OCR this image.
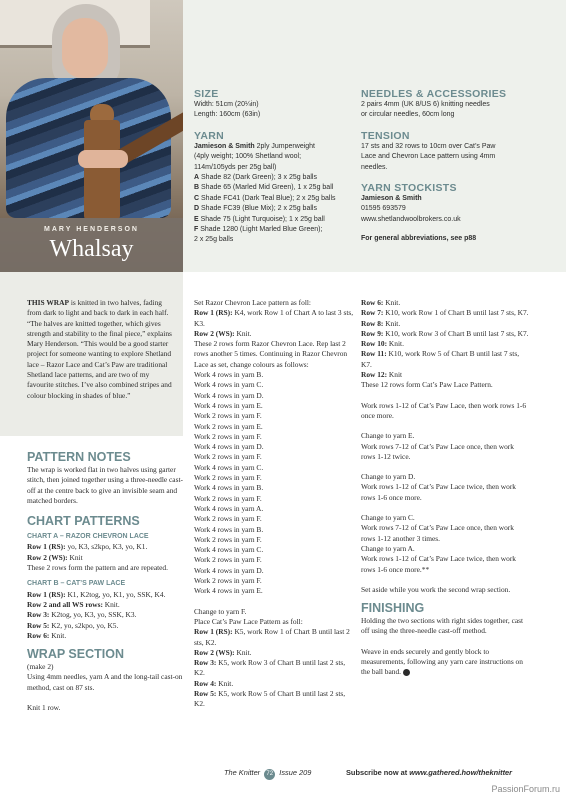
MARY HENDERSON
Whalsay
SIZE
Width: 51cm (20¼in)
Length: 160cm (63in)
YARN
Jamieson & Smith 2ply Jumperweight
(4ply weight; 100% Shetland wool;
114m/105yds per 25g ball)
A Shade 82 (Dark Green); 3 x 25g balls
B Shade 65 (Marled Mid Green), 1 x 25g ball
C Shade FC41 (Dark Teal Blue); 2 x 25g balls
D Shade FC39 (Blue Mix); 2 x 25g balls
E Shade 75 (Light Turquoise); 1 x 25g ball
F Shade 1280 (Light Marled Blue Green);
2 x 25g balls
NEEDLES & ACCESSORIES
2 pairs 4mm (UK 8/US 6) knitting needles
or circular needles, 60cm long
TENSION
17 sts and 32 rows to 10cm over Cat’s Paw
Lace and Chevron Lace pattern using 4mm
needles.
YARN STOCKISTS
Jamieson & Smith
01595 693579
www.shetlandwoolbrokers.co.uk
For general abbreviations, see p88

THIS WRAP is knitted in two halves, fading from dark to light and back to dark in each half. “The halves are knitted together, which gives strength and stability to the final piece,” explains Mary Henderson. “This would be a good starter project for someone wanting to explore Shetland lace – Razor Lace and Cat’s Paw are traditional Shetland lace patterns, and are two of my favourite stitches. I’ve also combined stripes and colour blocking in shades of blue.”

PATTERN NOTES
The wrap is worked flat in two halves using garter stitch, then joined together using a three-needle cast-off at the centre back to give an invisible seam and matched borders.
CHART PATTERNS
CHART A – RAZOR CHEVRON LACE
Row 1 (RS): yo, K3, s2kpo, K3, yo, K1.
Row 2 (WS): Knit
These 2 rows form the pattern and are repeated.
CHART B – CAT’S PAW LACE
Row 1 (RS): K1, K2tog, yo, K1, yo, SSK, K4.
Row 2 and all WS rows: Knit.
Row 3: K2tog, yo, K3, yo, SSK, K3.
Row 5: K2, yo, s2kpo, yo, K5.
Row 6: Knit.
WRAP SECTION
(make 2)
Using 4mm needles, yarn A and the long-tail cast-on method, cast on 87 sts.
Knit 1 row.
Set Razor Chevron Lace pattern as foll:
Row 1 (RS): K4, work Row 1 of Chart A to last 3 sts, K3.
Row 2 (WS): Knit.
These 2 rows form Razor Chevron Lace. Rep last 2 rows another 5 times. Continuing in Razor Chevron Lace as set, change colours as follows:
Work 4 rows in yarn B.
Work 4 rows in yarn C.
Work 4 rows in yarn D.
Work 4 rows in yarn E.
Work 2 rows in yarn F.
Work 2 rows in yarn E.
Work 2 rows in yarn F.
Work 4 rows in yarn D.
Work 2 rows in yarn F.
Work 4 rows in yarn C.
Work 2 rows in yarn F.
Work 4 rows in yarn B.
Work 2 rows in yarn F.
Work 4 rows in yarn A.
Work 2 rows in yarn F.
Work 4 rows in yarn B.
Work 2 rows in yarn F.
Work 4 rows in yarn C.
Work 2 rows in yarn F.
Work 4 rows in yarn D.
Work 2 rows in yarn F.
Work 4 rows in yarn E.
Change to yarn F.
Place Cat’s Paw Lace Pattern as foll:
Row 1 (RS): K5, work Row 1 of Chart B until last 2 sts, K2.
Row 2 (WS): Knit.
Row 3: K5, work Row 3 of Chart B until last 2 sts, K2.
Row 4: Knit.
Row 5: K5, work Row 5 of Chart B until last 2 sts, K2.
Row 6: Knit.
Row 7: K10, work Row 1 of Chart B until last 7 sts, K7.
Row 8: Knit.
Row 9: K10, work Row 3 of Chart B until last 7 sts, K7.
Row 10: Knit.
Row 11: K10, work Row 5 of Chart B until last 7 sts, K7.
Row 12: Knit
These 12 rows form Cat’s Paw Lace Pattern.
Work rows 1-12 of Cat’s Paw Lace, then work rows 1-6 once more.
Change to yarn E.
Work rows 7-12 of Cat’s Paw Lace once, then work rows 1-12 twice.
Change to yarn D.
Work rows 1-12 of Cat’s Paw Lace twice, then work rows 1-6 once more.
Change to yarn C.
Work rows 7-12 of Cat’s Paw Lace once, then work rows 1-12 another 3 times.
Change to yarn A.
Work rows 1-12 of Cat’s Paw Lace twice, then work rows 1-6 once more.**
Set aside while you work the second wrap section.
FINISHING
Holding the two sections with right sides together, cast off using the three-needle cast-off method.
Weave in ends securely and gently block to measurements, following any yarn care instructions on the ball band.
The Knitter 72 Issue 209	Subscribe now at www.gathered.how/theknitter
PassionForum.ru
